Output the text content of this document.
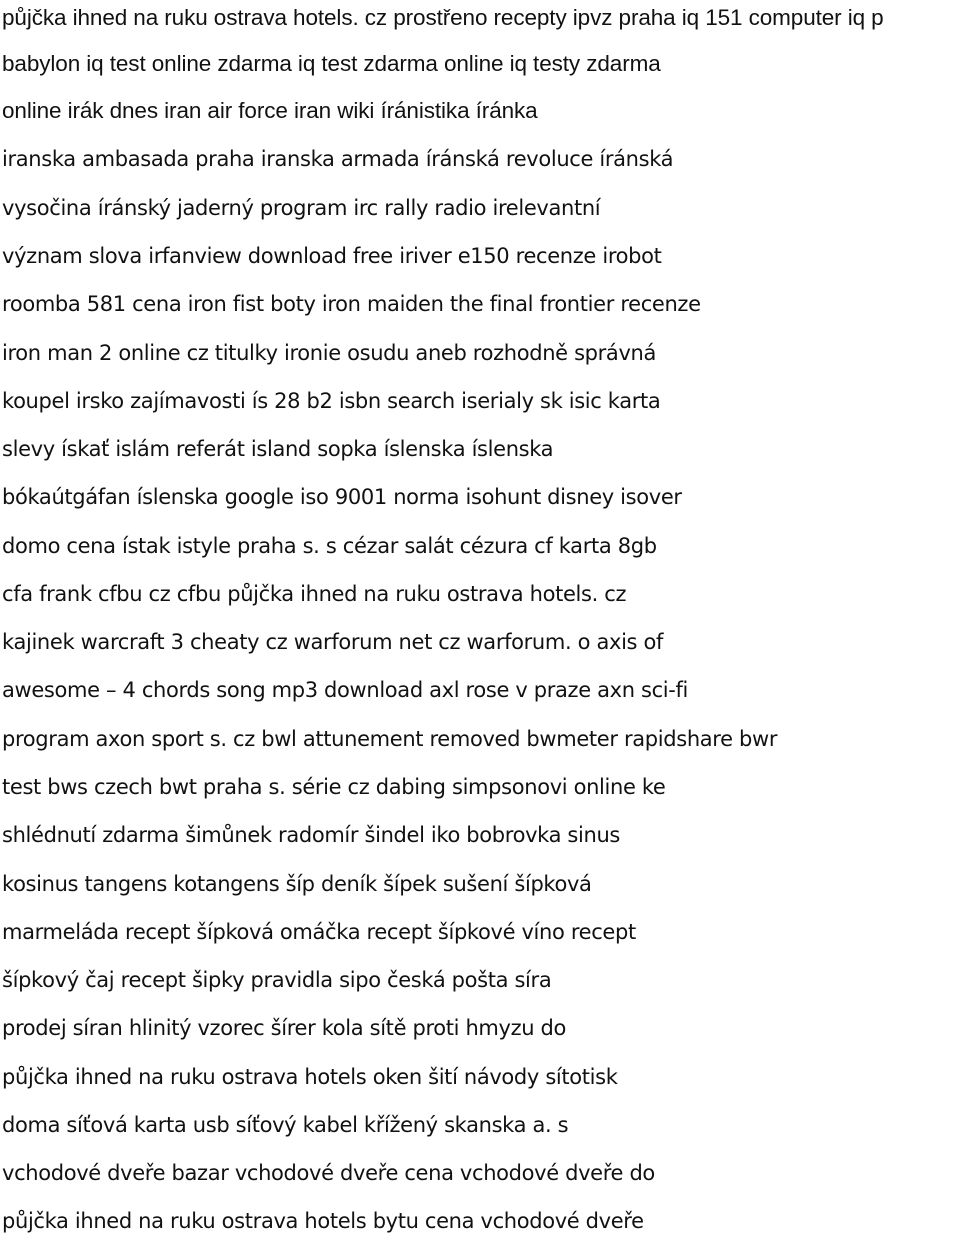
půjčka ihned na ruku ostrava hotels. cz prostřeno recepty ipvz praha iq 151 computer iq p
babylon iq test online zdarma iq test zdarma online iq testy zdarma
online irák dnes iran air force iran wiki íránistika íránka
iranska ambasada praha iranska armada íránská revoluce íránská
vysočina íránský jaderný program irc rally radio irelevantní
význam slova irfanview download free iriver e150 recenze irobot
roomba 581 cena iron fist boty iron maiden the final frontier recenze
iron man 2 online cz titulky ironie osudu aneb rozhodně správná
koupel irsko zajímavosti ís 28 b2 isbn search iserialy sk isic karta
slevy ískať islám referát island sopka íslenska íslenska
bókaútgáfan íslenska google iso 9001 norma isohunt disney isover
domo cena ístak istyle praha s. s cézar salát cézura cf karta 8gb
cfa frank cfbu cz cfbu půjčka ihned na ruku ostrava hotels. cz
kajinek warcraft 3 cheaty cz warforum net cz warforum. o axis of
awesome – 4 chords song mp3 download axl rose v praze axn sci-fi
program axon sport s. cz bwl attunement removed bwmeter rapidshare bwr
test bws czech bwt praha s. série cz dabing simpsonovi online ke
shlédnutí zdarma šimůnek radomír šindel iko bobrovka sinus
kosinus tangens kotangens šíp deník šípek sušení šípková
marmeláda recept šípková omáčka recept šípkové víno recept
šípkový čaj recept šipky pravidla sipo česká pošta síra
prodej síran hlinitý vzorec šírer kola sítě proti hmyzu do
půjčka ihned na ruku ostrava hotels oken šití návody sítotisk
doma síťová karta usb síťový kabel křížený skanska a. s
vchodové dveře bazar vchodové dveře cena vchodové dveře do
půjčka ihned na ruku ostrava hotels bytu cena vchodové dveře
